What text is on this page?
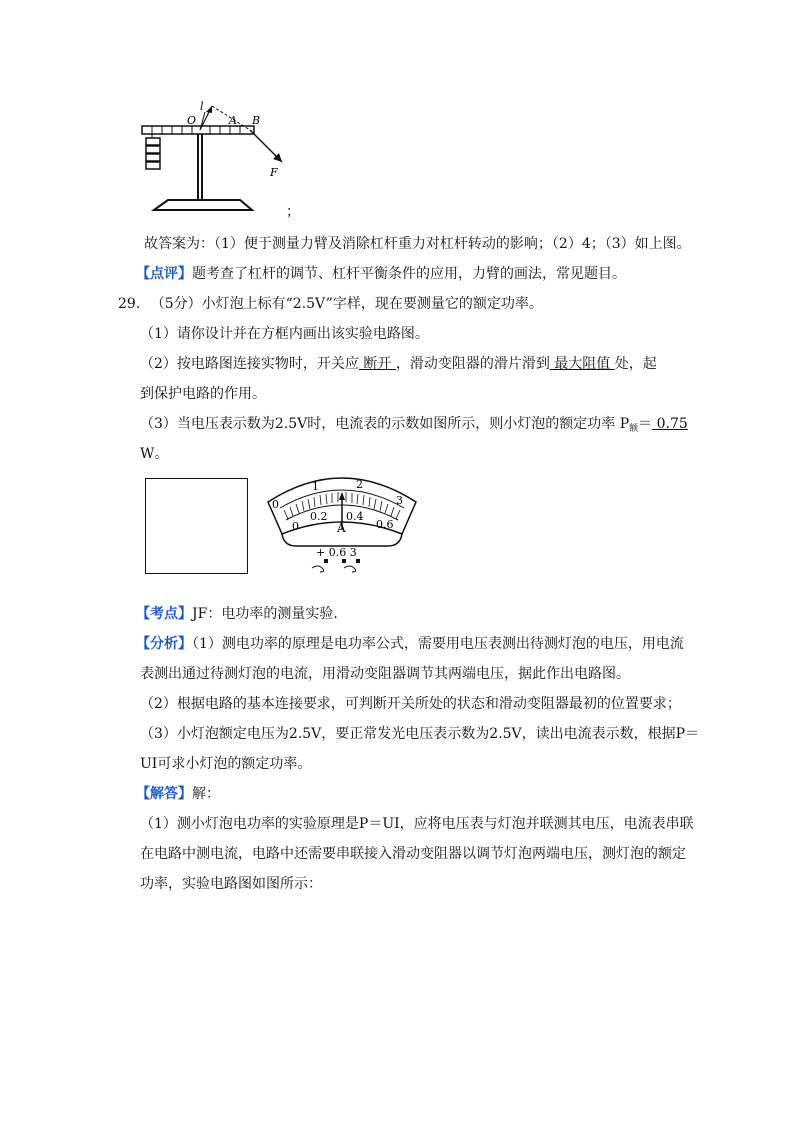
l
O	A B
F
；
故答案为：（1）便于测量力臂及消除杠杆重力对杠杆转动的影响；（2）4；（3）如上图。
【点评】题考查了杠杆的调节、杠杆平衡条件的应用，力臂的画法，常见题目。
29. （5分）小灯泡上标有“2.5V”字样，现在要测量它的额定功率。
（1）请你设计并在方框内画出该实验电路图。
（2）按电路图连接实物时，开关应 断开 ，滑动变阻器的滑片滑到 最大阻值 处，起
到保护电路的作用。
（3）当电压表示数为2.5V时，电流表的示数如图所示，则小灯泡的额定功率 $P_额= 0.75$
W。
0
1	2
3
0
0.2 0.4
0.6
A
+ 0.6 3
【考点】JF：电功率的测量实验.
【分析】（1）测电功率的原理是电功率公式，需要用电压表测出待测灯泡的电压，用电流
表测出通过待测灯泡的电流，用滑动变阻器调节其两端电压，据此作出电路图。
（2）根据电路的基本连接要求，可判断开关所处的状态和滑动变阻器最初的位置要求；
（3）小灯泡额定电压为2.5V，要正常发光电压表示数为2.5V，读出电流表示数，根据P＝
UI可求小灯泡的额定功率。
【解答】解：
（1）测小灯泡电功率的实验原理是P＝UI，应将电压表与灯泡并联测其电压，电流表串联
在电路中测电流，电路中还需要串联接入滑动变阻器以调节灯泡两端电压，测灯泡的额定
功率，实验电路图如图所示：
